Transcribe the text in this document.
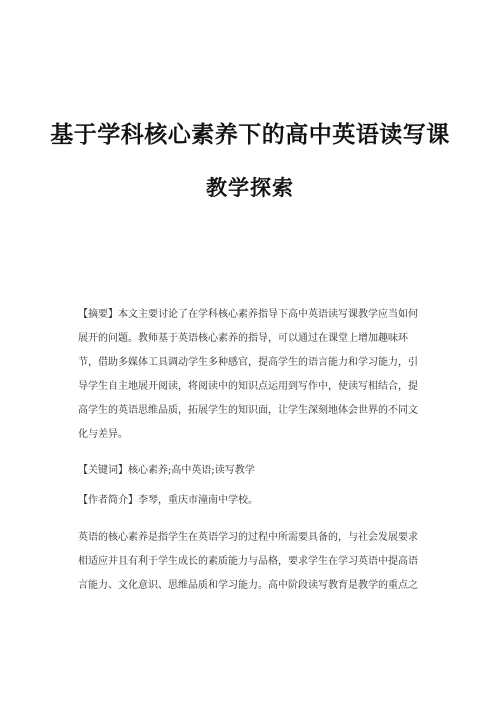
基于学科核心素养下的高中英语读写课
教学探索
【摘要】本文主要讨论了在学科核心素养指导下高中英语读写课教学应当如何
展开的问题。教师基于英语核心素养的指导，可以通过在课堂上增加趣味环
节，借助多媒体工具调动学生多种感官，提高学生的语言能力和学习能力，引
导学生自主地展开阅读，将阅读中的知识点运用到写作中，使读写相结合，提
高学生的英语思维品质，拓展学生的知识面，让学生深刻地体会世界的不同文
化与差异。
【关键词】核心素养;高中英语;读写教学
【作者简介】李琴，重庆市潼南中学校。
英语的核心素养是指学生在英语学习的过程中所需要具备的，与社会发展要求
相适应并且有利于学生成长的素质能力与品格，要求学生在学习英语中提高语
言能力、文化意识、思维品质和学习能力。高中阶段读写教育是教学的重点之
